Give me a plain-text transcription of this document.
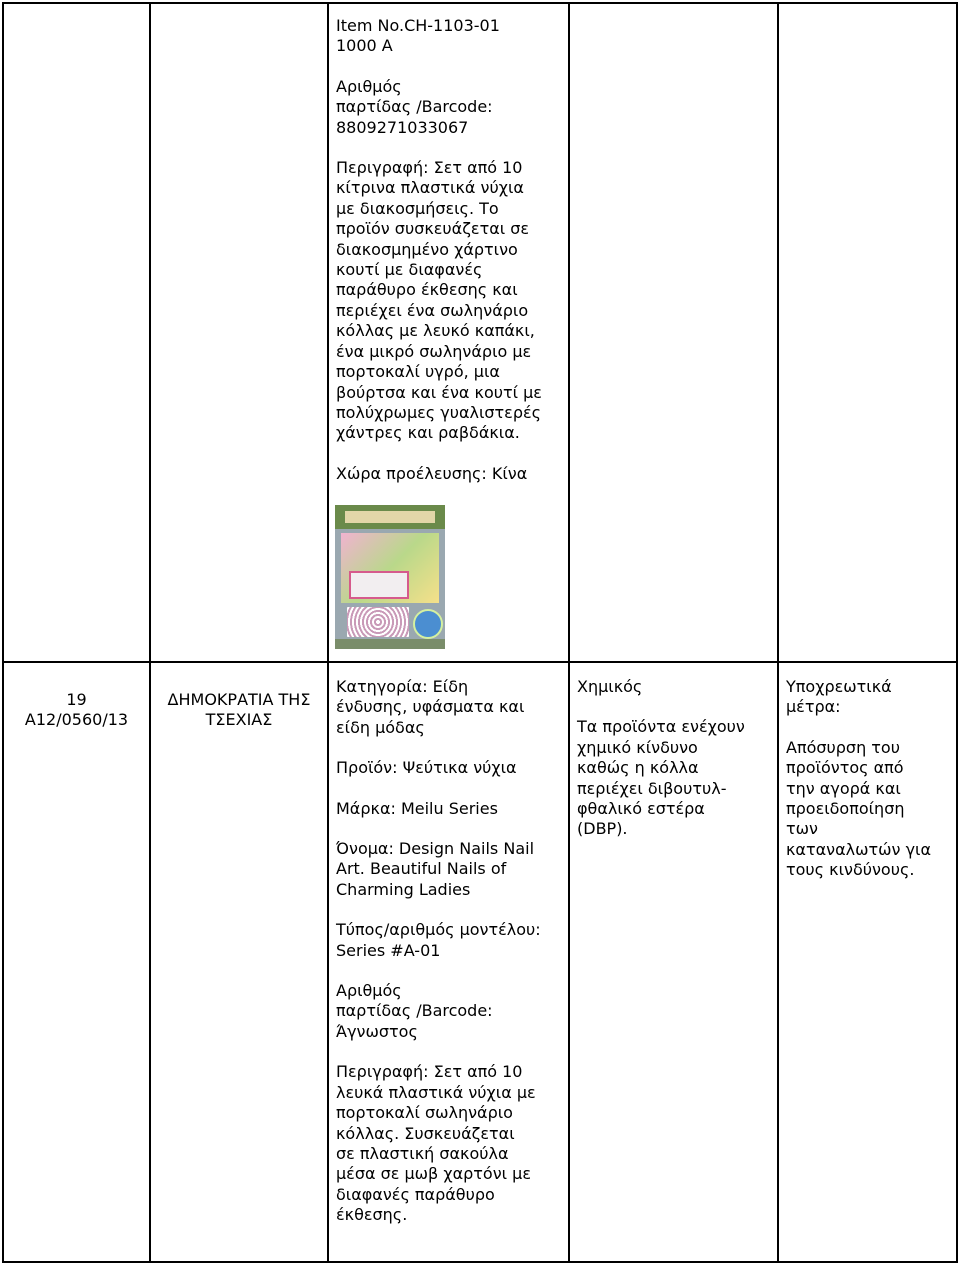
Item No.CH-1103-01
1000 A

Αριθμός
παρτίδας /Barcode:
8809271033067

Περιγραφή: Σετ από 10
κίτρινα πλαστικά νύχια
με διακοσμήσεις. Το
προϊόν συσκευάζεται σε
διακοσμημένο χάρτινο
κουτί με διαφανές
παράθυρο έκθεσης και
περιέχει ένα σωληνάριο
κόλλας με λευκό καπάκι,
ένα μικρό σωληνάριο με
πορτοκαλί υγρό, μια
βούρτσα και ένα κουτί με
πολύχρωμες γυαλιστερές
χάντρες και ραβδάκια.

Χώρα προέλευσης: Κίνα

19

A12/0560/13

ΔΗΜΟΚΡΑΤΙΑ ΤΗΣ
ΤΣΕΧΙΑΣ

Κατηγορία: Είδη
ένδυσης, υφάσματα και
είδη μόδας

Προϊόν: Ψεύτικα νύχια

Μάρκα: Meilu Series

Όνομα: Design Nails Nail
Art. Beautiful Nails of
Charming Ladies

Τύπος/αριθμός μοντέλου:
Series #A-01

Αριθμός
παρτίδας /Barcode:
Άγνωστος

Περιγραφή: Σετ από 10
λευκά πλαστικά νύχια με
πορτοκαλί σωληνάριο
κόλλας. Συσκευάζεται
σε πλαστική σακούλα
μέσα σε μωβ χαρτόνι με
διαφανές παράθυρο
έκθεσης.

Χημικός

Τα προϊόντα ενέχουν
χημικό κίνδυνο
καθώς η κόλλα
περιέχει διβουτυλ-
φθαλικό εστέρα
(DBP).

Υποχρεωτικά
μέτρα:

Απόσυρση του
προϊόντος από
την αγορά και
προειδοποίηση
των
καταναλωτών για
τους κινδύνους.
